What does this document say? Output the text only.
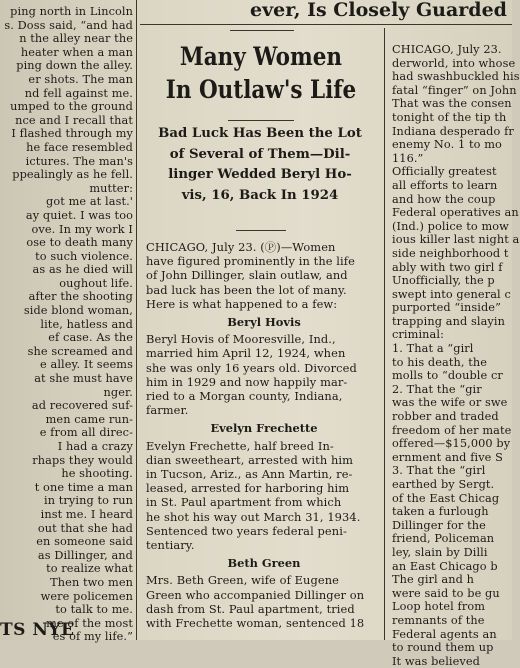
ever, Is Closely Guarded
ping north in Lincoln
s. Doss said, “and had
n the alley near the
heater when a man
ping down the alley.
er shots. The man
nd fell against me.
umped to the ground
nce and I recall that
I flashed through my
he face resembled
ictures. The man's
ppealingly as he fell.
mutter:
got me at last.'
ay quiet. I was too
ove. In my work I
ose to death many
to such violence.
as as he died will
oughout life.
after the shooting
side blond woman,
lite, hatless and
ef case. As the
she screamed and
e alley. It seems
at she must have
nger.
ad recovered suf-
men came run-
e from all direc-
I had a crazy
rhaps they would
he shooting.
t one time a man
in trying to run
inst me. I heard
out that she had
en someone said
as Dillinger, and
to realize what
Then two men
were policemen
to talk to me.
me of the most
es of my life.”
TS NYE
Many Women
In Outlaw's Life
Bad Luck Has Been the Lot
of Several of Them—Dil-
linger Wedded Beryl Ho-
vis, 16, Back In 1924
CHICAGO, July 23. (Ⓟ)—Women
have figured prominently in the life
of John Dillinger, slain outlaw, and
bad luck has been the lot of many.
Here is what happened to a few:
Beryl Hovis
Beryl Hovis of Mooresville, Ind.,
married him April 12, 1924, when
she was only 16 years old. Divorced
him in 1929 and now happily mar-
ried to a Morgan county, Indiana,
farmer.
Evelyn Frechette
Evelyn Frechette, half breed In-
dian sweetheart, arrested with him
in Tucson, Ariz., as Ann Martin, re-
leased, arrested for harboring him
in St. Paul apartment from which
he shot his way out March 31, 1934.
Sentenced two years federal peni-
tentiary.
Beth Green
Mrs. Beth Green, wife of Eugene
Green who accompanied Dillinger on
dash from St. Paul apartment, tried
with Frechette woman, sentenced 18
CHICAGO, July 23.
derworld, into whose
had swashbuckled his
fatal “finger” on John
That was the consen
tonight of the tip th
Indiana desperado fr
enemy No. 1 to mo
116.”
Officially greatest
all efforts to learn
and how the coup
Federal operatives an
(Ind.) police to mow
ious killer last night a
side neighborhood t
ably with two girl f
Unofficially, the p
swept into general c
purported “inside”
trapping and slayin
criminal:
1. That a “girl
to his death, the
molls to “double cr
2. That the “gir
was the wife or swe
robber and traded
freedom of her mate
offered—$15,000 by
ernment and five S
3. That the “girl
earthed by Sergt.
of the East Chicag
taken a furlough
Dillinger for the
friend, Policeman
ley, slain by Dilli
an East Chicago b
The girl and h
were said to be gu
Loop hotel from
remnants of the
Federal agents an
to round them up
It was believed
